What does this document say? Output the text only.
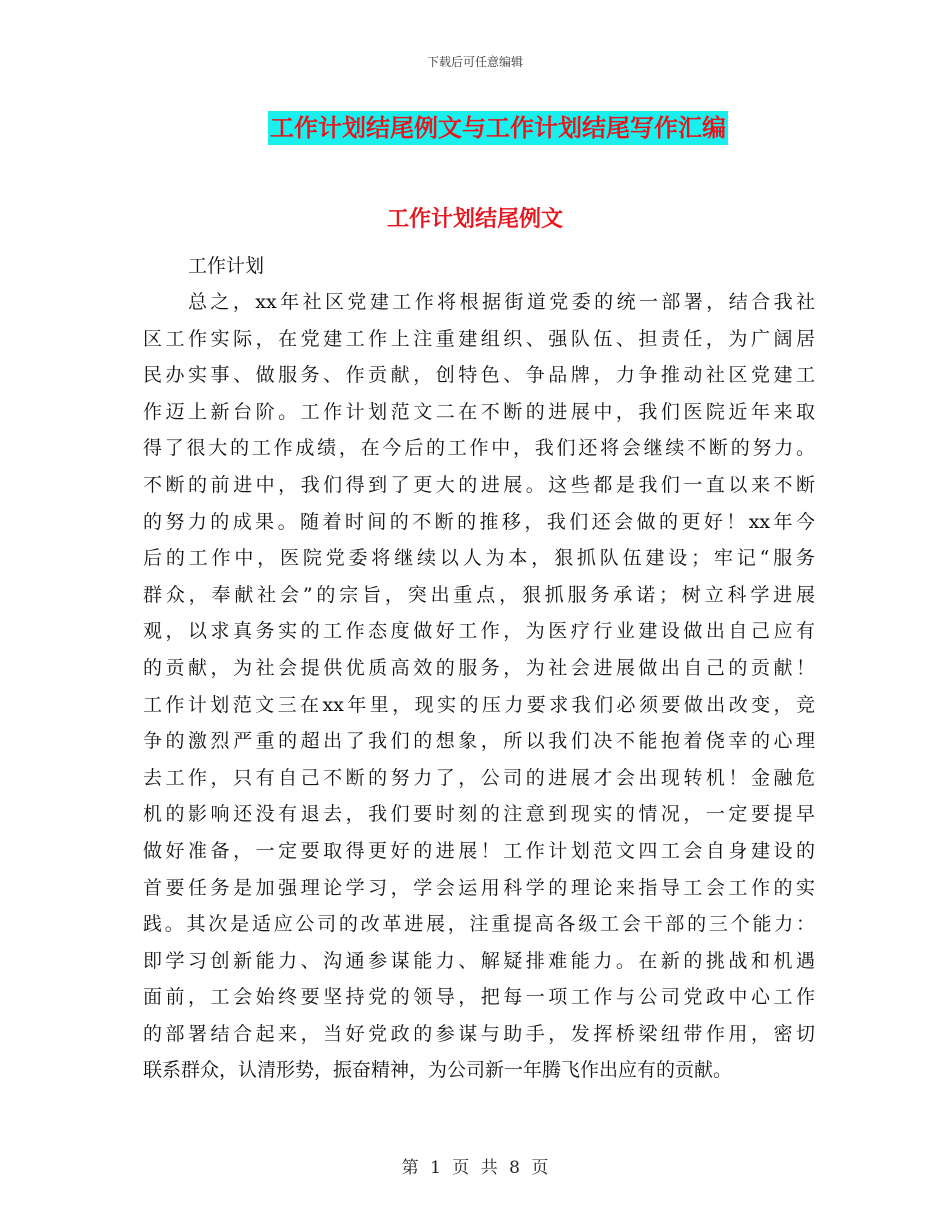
下载后可任意编辑
工作计划结尾例文与工作计划结尾写作汇编
工作计划结尾例文
工作计划
总之，xx年社区党建工作将根据街道党委的统一部署，结合我社
区工作实际，在党建工作上注重建组织、强队伍、担责任，为广阔居
民办实事、做服务、作贡献，创特色、争品牌，力争推动社区党建工
作迈上新台阶。工作计划范文二在不断的进展中，我们医院近年来取
得了很大的工作成绩，在今后的工作中，我们还将会继续不断的努力。
不断的前进中，我们得到了更大的进展。这些都是我们一直以来不断
的努力的成果。随着时间的不断的推移，我们还会做的更好！xx年今
后的工作中，医院党委将继续以人为本，狠抓队伍建设；牢记“服务
群众，奉献社会”的宗旨，突出重点，狠抓服务承诺；树立科学进展
观，以求真务实的工作态度做好工作，为医疗行业建设做出自己应有
的贡献，为社会提供优质高效的服务，为社会进展做出自己的贡献！
工作计划范文三在xx年里，现实的压力要求我们必须要做出改变，竞
争的激烈严重的超出了我们的想象，所以我们决不能抱着侥幸的心理
去工作，只有自己不断的努力了，公司的进展才会出现转机！金融危
机的影响还没有退去，我们要时刻的注意到现实的情况，一定要提早
做好准备，一定要取得更好的进展！工作计划范文四工会自身建设的
首要任务是加强理论学习，学会运用科学的理论来指导工会工作的实
践。其次是适应公司的改革进展，注重提高各级工会干部的三个能力：
即学习创新能力、沟通参谋能力、解疑排难能力。在新的挑战和机遇
面前，工会始终要坚持党的领导，把每一项工作与公司党政中心工作
的部署结合起来，当好党政的参谋与助手，发挥桥梁纽带作用，密切
联系群众，认清形势，振奋精神，为公司新一年腾飞作出应有的贡献。
第 1 页 共 8 页
